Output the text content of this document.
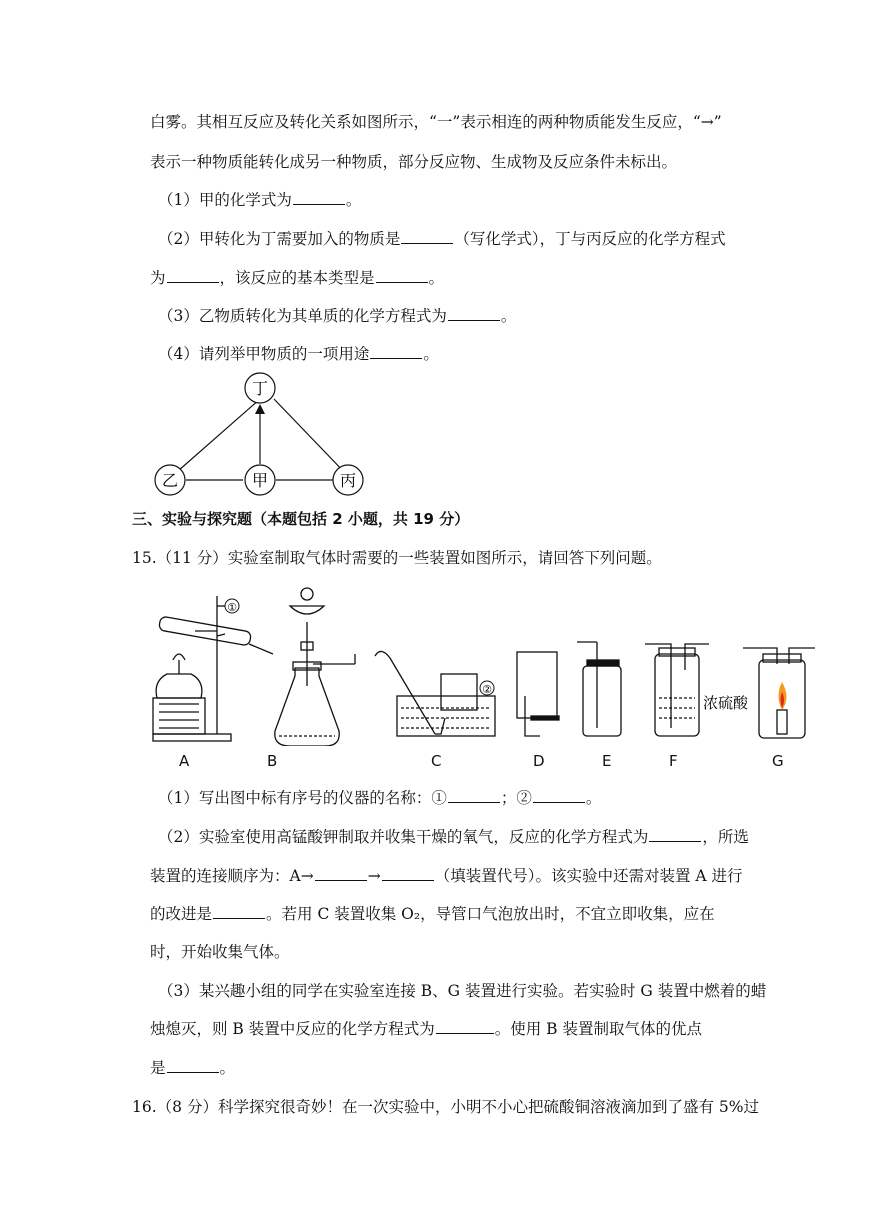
白雾。其相互反应及转化关系如图所示，“一”表示相连的两种物质能发生反应，“→”
表示一种物质能转化成另一种物质，部分反应物、生成物及反应条件未标出。
（1）甲的化学式为	。
（2）甲转化为丁需要加入的物质是	（写化学式），丁与丙反应的化学方程式
为	，该反应的基本类型是	。
（3）乙物质转化为其单质的化学方程式为	。
（4）请列举甲物质的一项用途	。
丁
乙	甲	丙
三、实验与探究题（本题包括 2 小题，共 19 分）
15.（11 分）实验室制取气体时需要的一些装置如图所示，请回答下列问题。
①
②
浓硫酸
A	B	C	D	E	F	G
（1）写出图中标有序号的仪器的名称：①	；②	。
（2）实验室使用高锰酸钾制取并收集干燥的氧气，反应的化学方程式为	，所选
装置的连接顺序为：A→	→	（填装置代号）。该实验中还需对装置 A 进行
的改进是	。若用 C 装置收集 O₂，导管口气泡放出时，不宜立即收集，应在
时，开始收集气体。
（3）某兴趣小组的同学在实验室连接 B、G 装置进行实验。若实验时 G 装置中燃着的蜡
烛熄灭，则 B 装置中反应的化学方程式为	。使用 B 装置制取气体的优点
是	。
16.（8 分）科学探究很奇妙！在一次实验中，小明不小心把硫酸铜溶液滴加到了盛有 5%过
